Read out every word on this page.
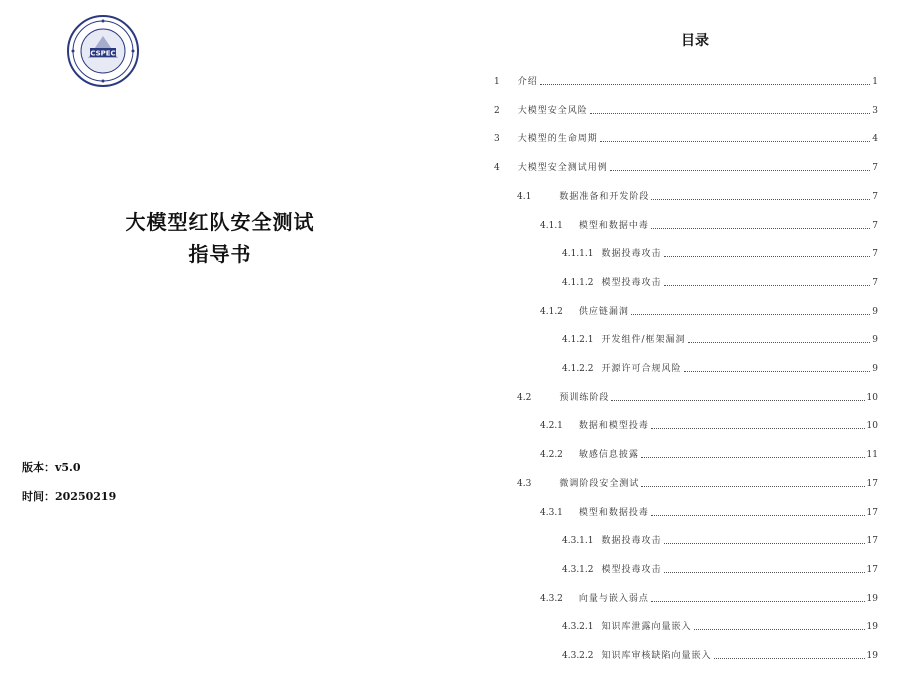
CSPEC
大模型红队安全测试
指导书
版本：v5.0
时间：20250219
目录
1 介绍	1
2 大模型安全风险	3
3 大模型的生命周期	4
4 大模型安全测试用例	7
4.1	数据准备和开发阶段	7
4.1.1 模型和数据中毒	7
4.1.1.1 数据投毒攻击	7
4.1.1.2 模型投毒攻击	7
4.1.2 供应链漏洞	9
4.1.2.1 开发组件/框架漏洞	9
4.1.2.2 开源许可合规风险	9
4.2	预训练阶段	10
4.2.1 数据和模型投毒	10
4.2.2 敏感信息披露	11
4.3	微调阶段安全测试	17
4.3.1 模型和数据投毒	17
4.3.1.1 数据投毒攻击	17
4.3.1.2 模型投毒攻击	17
4.3.2 向量与嵌入弱点	19
4.3.2.1 知识库泄露向量嵌入	19
4.3.2.2 知识库审核缺陷向量嵌入	19
